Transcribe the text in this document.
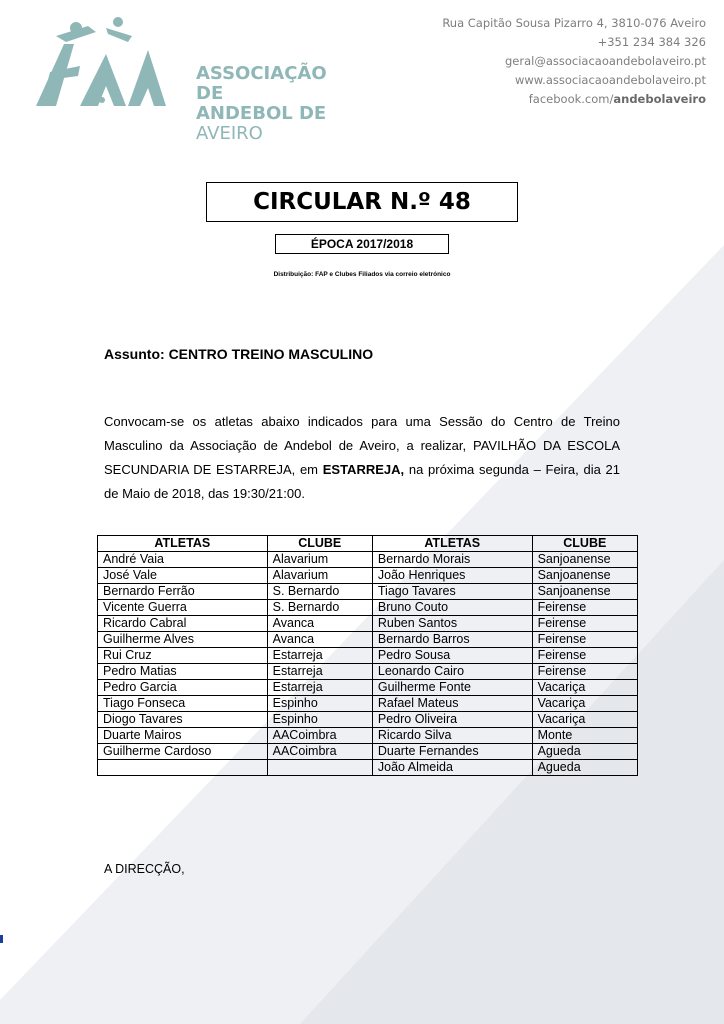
ASSOCIAÇÃO DE
ANDEBOL DE
AVEIRO
Rua Capitão Sousa Pizarro 4, 3810-076 Aveiro
+351 234 384 326
geral@associacaoandebolaveiro.pt
www.associacaoandebolaveiro.pt
facebook.com/andebolaveiro
CIRCULAR N.º 48
ÉPOCA 2017/2018
Distribuição: FAP e Clubes Filiados via correio eletrónico
Assunto: CENTRO TREINO MASCULINO
Convocam-se os atletas abaixo indicados para uma Sessão do Centro de Treino Masculino da Associação de Andebol de Aveiro, a realizar, PAVILHÃO DA ESCOLA SECUNDARIA DE ESTARREJA, em ESTARREJA, na próxima segunda – Feira, dia 21 de Maio de 2018, das 19:30/21:00.
ATLETAS	CLUBE	ATLETAS	CLUBE
André Vaia	Alavarium	Bernardo Morais	Sanjoanense
José Vale	Alavarium	João Henriques	Sanjoanense
Bernardo Ferrão	S. Bernardo	Tiago Tavares	Sanjoanense
Vicente Guerra	S. Bernardo	Bruno Couto	Feirense
Ricardo Cabral	Avanca	Ruben Santos	Feirense
Guilherme Alves	Avanca	Bernardo Barros	Feirense
Rui Cruz	Estarreja	Pedro Sousa	Feirense
Pedro Matias	Estarreja	Leonardo Cairo	Feirense
Pedro Garcia	Estarreja	Guilherme Fonte	Vacariça
Tiago Fonseca	Espinho	Rafael Mateus	Vacariça
Diogo Tavares	Espinho	Pedro Oliveira	Vacariça
Duarte Mairos	AACoimbra	Ricardo Silva	Monte
Guilherme Cardoso	AACoimbra	Duarte Fernandes	Agueda
		João Almeida	Agueda
A DIRECÇÃO,
